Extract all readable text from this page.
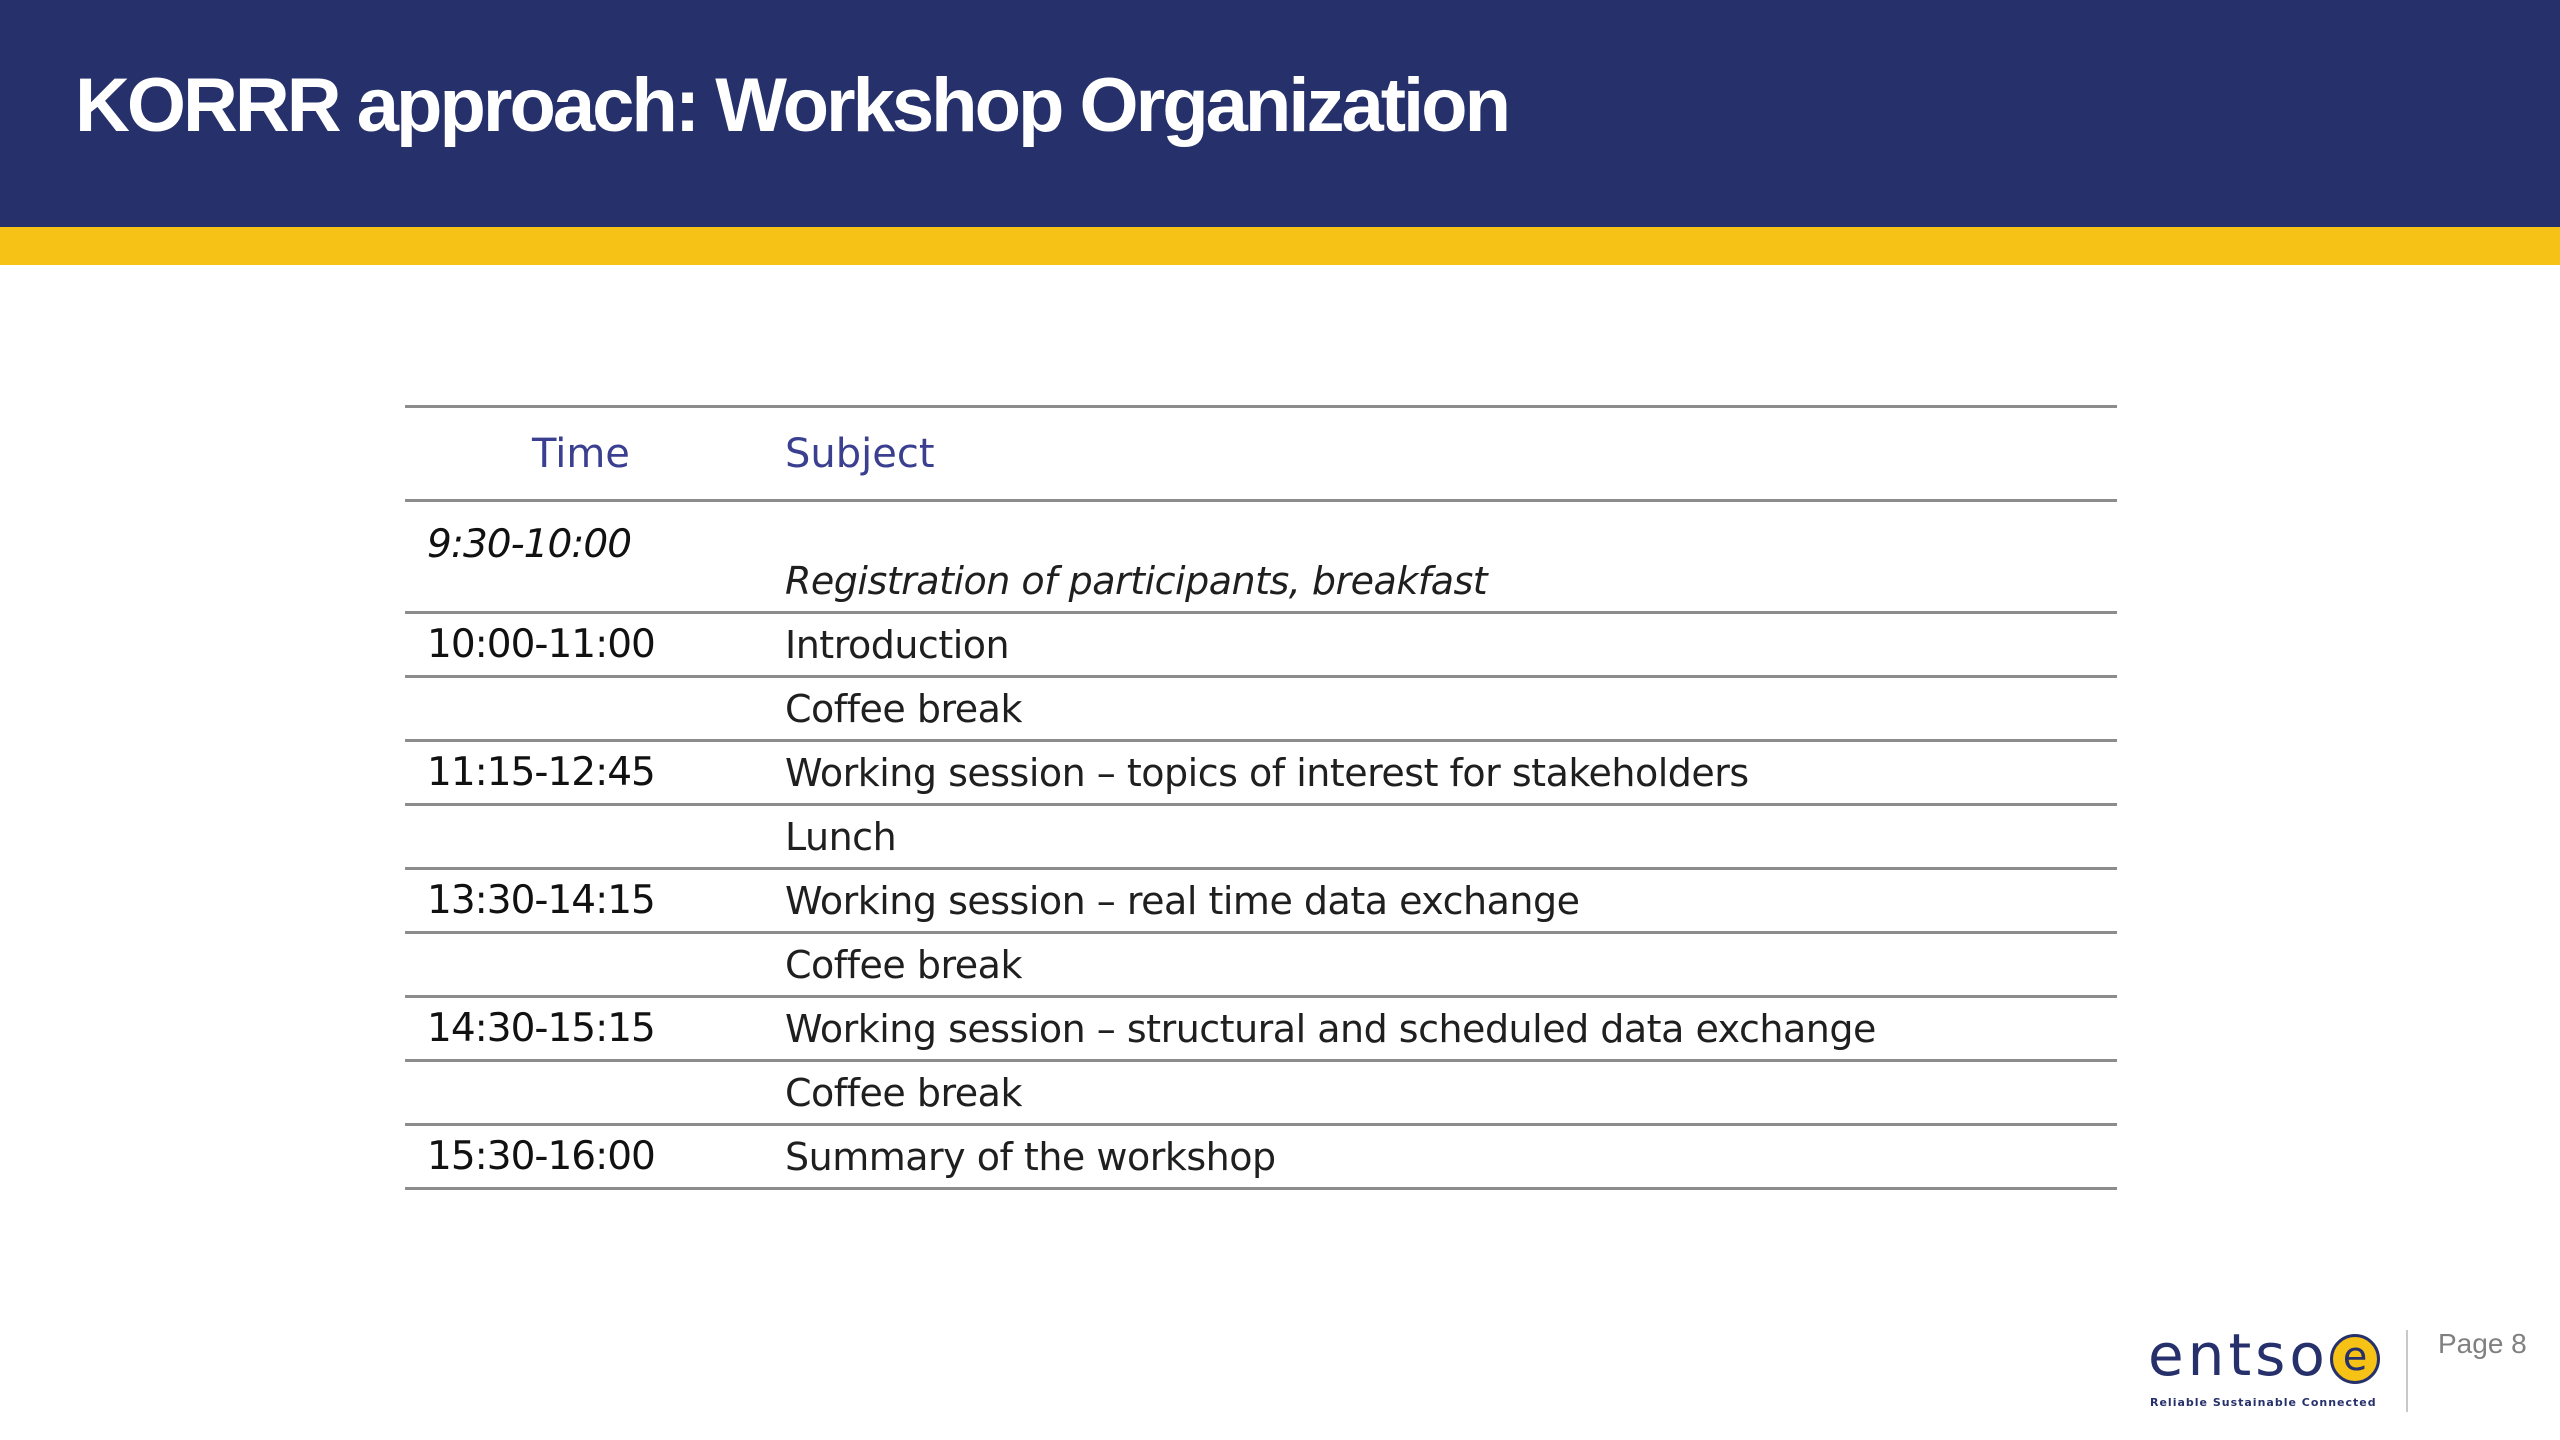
KORRR approach: Workshop Organization
Time	Subject
9:30-10:00	Registration of participants, breakfast
10:00-11:00	Introduction
	Coffee break
11:15-12:45	Working session – topics of interest for stakeholders
	Lunch
13:30-14:15	Working session – real time data exchange
	Coffee break
14:30-15:15	Working session – structural and scheduled data exchange
	Coffee break
15:30-16:00	Summary of the workshop
entso e
Reliable Sustainable Connected
Page 8
